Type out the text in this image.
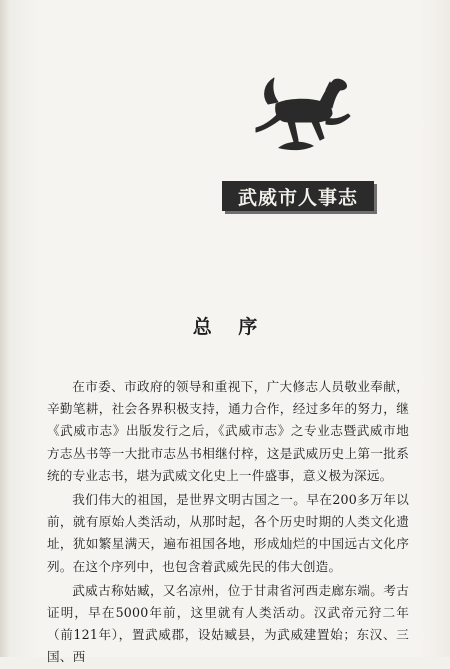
武威市人事志
总 序

在市委、市政府的领导和重视下，广大修志人员敬业奉献，辛勤笔耕，社会各界积极支持，通力合作，经过多年的努力，继《武威市志》出版发行之后，《武威市志》之专业志暨武威市地方志丛书等一大批市志丛书相继付梓，这是武威历史上第一批系统的专业志书，堪为武威文化史上一件盛事，意义极为深远。

我们伟大的祖国，是世界文明古国之一。早在200多万年以前，就有原始人类活动，从那时起，各个历史时期的人类文化遗址，犹如繁星满天，遍布祖国各地，形成灿烂的中国远古文化序列。在这个序列中，也包含着武威先民的伟大创造。

武威古称姑臧，又名凉州，位于甘肃省河西走廊东端。考古证明，早在5000年前，这里就有人类活动。汉武帝元狩二年（前121年），置武威郡，设姑臧县，为武威建置始；东汉、三国、西
